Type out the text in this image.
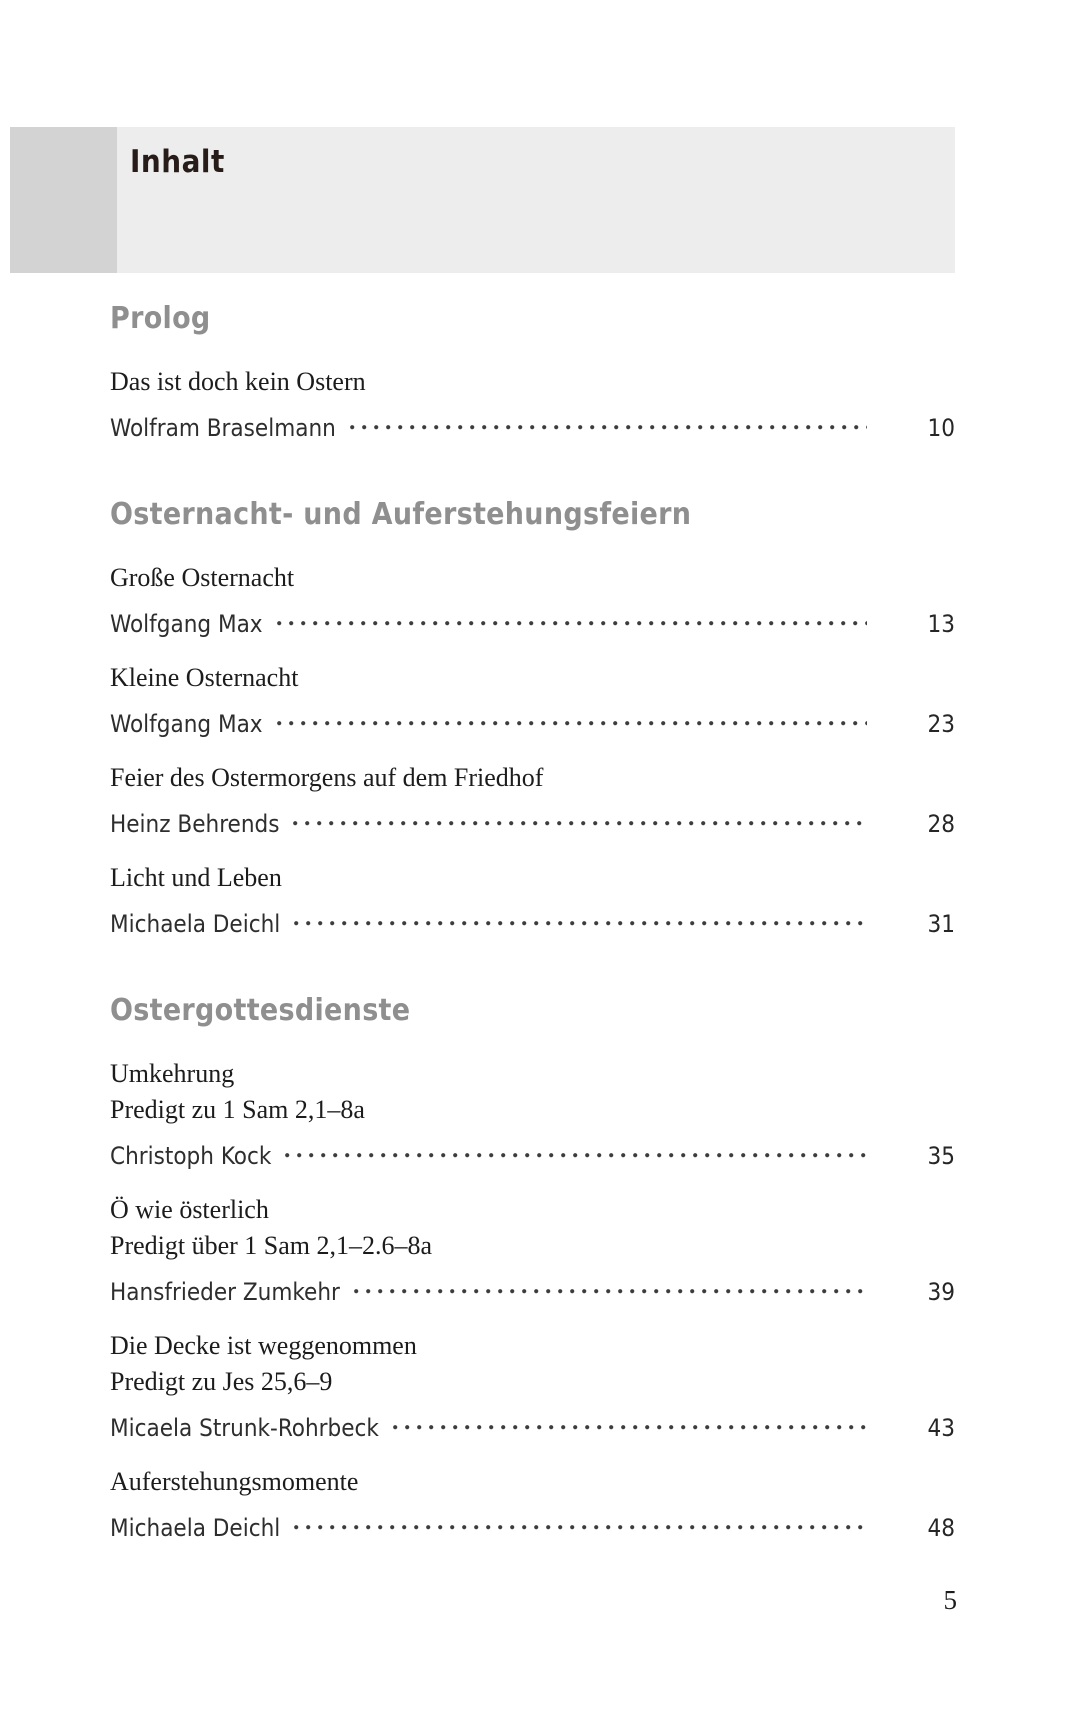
Inhalt
Prolog
Das ist doch kein Ostern
Wolfram Braselmann	10
Osternacht- und Auferstehungsfeiern
Große Osternacht
Wolfgang Max	13
Kleine Osternacht
Wolfgang Max	23
Feier des Ostermorgens auf dem Friedhof
Heinz Behrends	28
Licht und Leben
Michaela Deichl	31
Ostergottesdienste
Umkehrung
Predigt zu 1 Sam 2,1–8a
Christoph Kock	35
Ö wie österlich
Predigt über 1 Sam 2,1–2.6–8a
Hansfrieder Zumkehr	39
Die Decke ist weggenommen
Predigt zu Jes 25,6–9
Micaela Strunk-Rohrbeck	43
Auferstehungsmomente
Michaela Deichl	48
5
